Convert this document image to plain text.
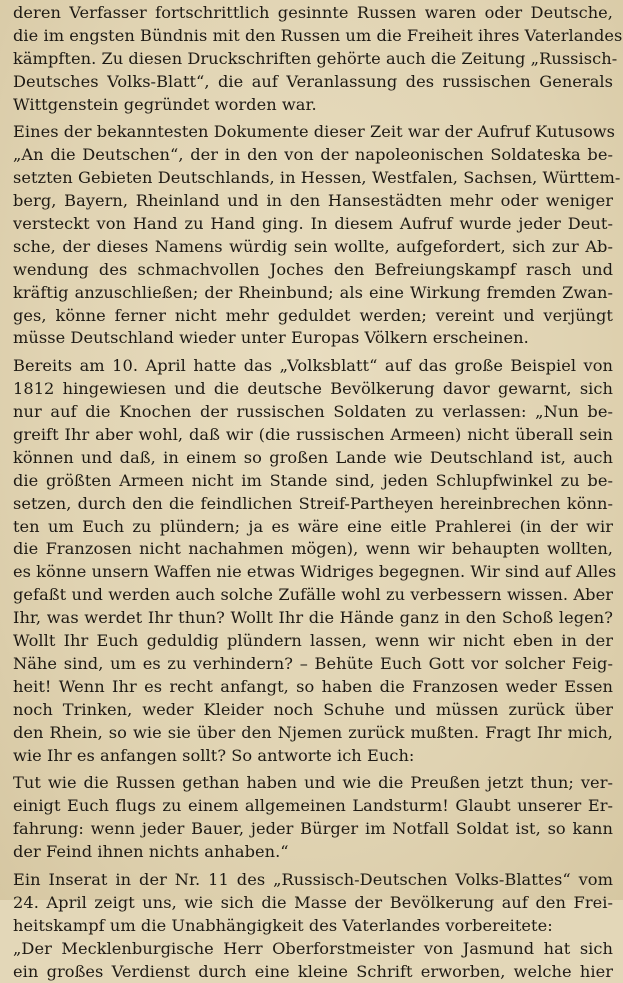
deren Verfasser fortschrittlich gesinnte Russen waren oder Deutsche,
die im engsten Bündnis mit den Russen um die Freiheit ihres Vaterlandes
kämpften. Zu diesen Druckschriften gehörte auch die Zeitung „Russisch-
Deutsches Volks-Blatt“, die auf Veranlassung des russischen Generals
Wittgenstein gegründet worden war.
Eines der bekanntesten Dokumente dieser Zeit war der Aufruf Kutusows
„An die Deutschen“, der in den von der napoleonischen Soldateska be-
setzten Gebieten Deutschlands, in Hessen, Westfalen, Sachsen, Württem-
berg, Bayern, Rheinland und in den Hansestädten mehr oder weniger
versteckt von Hand zu Hand ging. In diesem Aufruf wurde jeder Deut-
sche, der dieses Namens würdig sein wollte, aufgefordert, sich zur Ab-
wendung des schmachvollen Joches den Befreiungskampf rasch und
kräftig anzuschließen; der Rheinbund; als eine Wirkung fremden Zwan-
ges, könne ferner nicht mehr geduldet werden; vereint und verjüngt
müsse Deutschland wieder unter Europas Völkern erscheinen.
Bereits am 10. April hatte das „Volksblatt“ auf das große Beispiel von
1812 hingewiesen und die deutsche Bevölkerung davor gewarnt, sich
nur auf die Knochen der russischen Soldaten zu verlassen: „Nun be-
greift Ihr aber wohl, daß wir (die russischen Armeen) nicht überall sein
können und daß, in einem so großen Lande wie Deutschland ist, auch
die größten Armeen nicht im Stande sind, jeden Schlupfwinkel zu be-
setzen, durch den die feindlichen Streif-Partheyen hereinbrechen könn-
ten um Euch zu plündern; ja es wäre eine eitle Prahlerei (in der wir
die Franzosen nicht nachahmen mögen), wenn wir behaupten wollten,
es könne unsern Waffen nie etwas Widriges begegnen. Wir sind auf Alles
gefaßt und werden auch solche Zufälle wohl zu verbessern wissen. Aber
Ihr, was werdet Ihr thun? Wollt Ihr die Hände ganz in den Schoß legen?
Wollt Ihr Euch geduldig plündern lassen, wenn wir nicht eben in der
Nähe sind, um es zu verhindern? – Behüte Euch Gott vor solcher Feig-
heit! Wenn Ihr es recht anfangt, so haben die Franzosen weder Essen
noch Trinken, weder Kleider noch Schuhe und müssen zurück über
den Rhein, so wie sie über den Njemen zurück mußten. Fragt Ihr mich,
wie Ihr es anfangen sollt? So antworte ich Euch:
Tut wie die Russen gethan haben und wie die Preußen jetzt thun; ver-
einigt Euch flugs zu einem allgemeinen Landsturm! Glaubt unserer Er-
fahrung: wenn jeder Bauer, jeder Bürger im Notfall Soldat ist, so kann
der Feind ihnen nichts anhaben.“
Ein Inserat in der Nr. 11 des „Russisch-Deutschen Volks-Blattes“ vom
24. April zeigt uns, wie sich die Masse der Bevölkerung auf den Frei-
heitskampf um die Unabhängigkeit des Vaterlandes vorbereitete:
„Der Mecklenburgische Herr Oberforstmeister von Jasmund hat sich
ein großes Verdienst durch eine kleine Schrift erworben, welche hier
